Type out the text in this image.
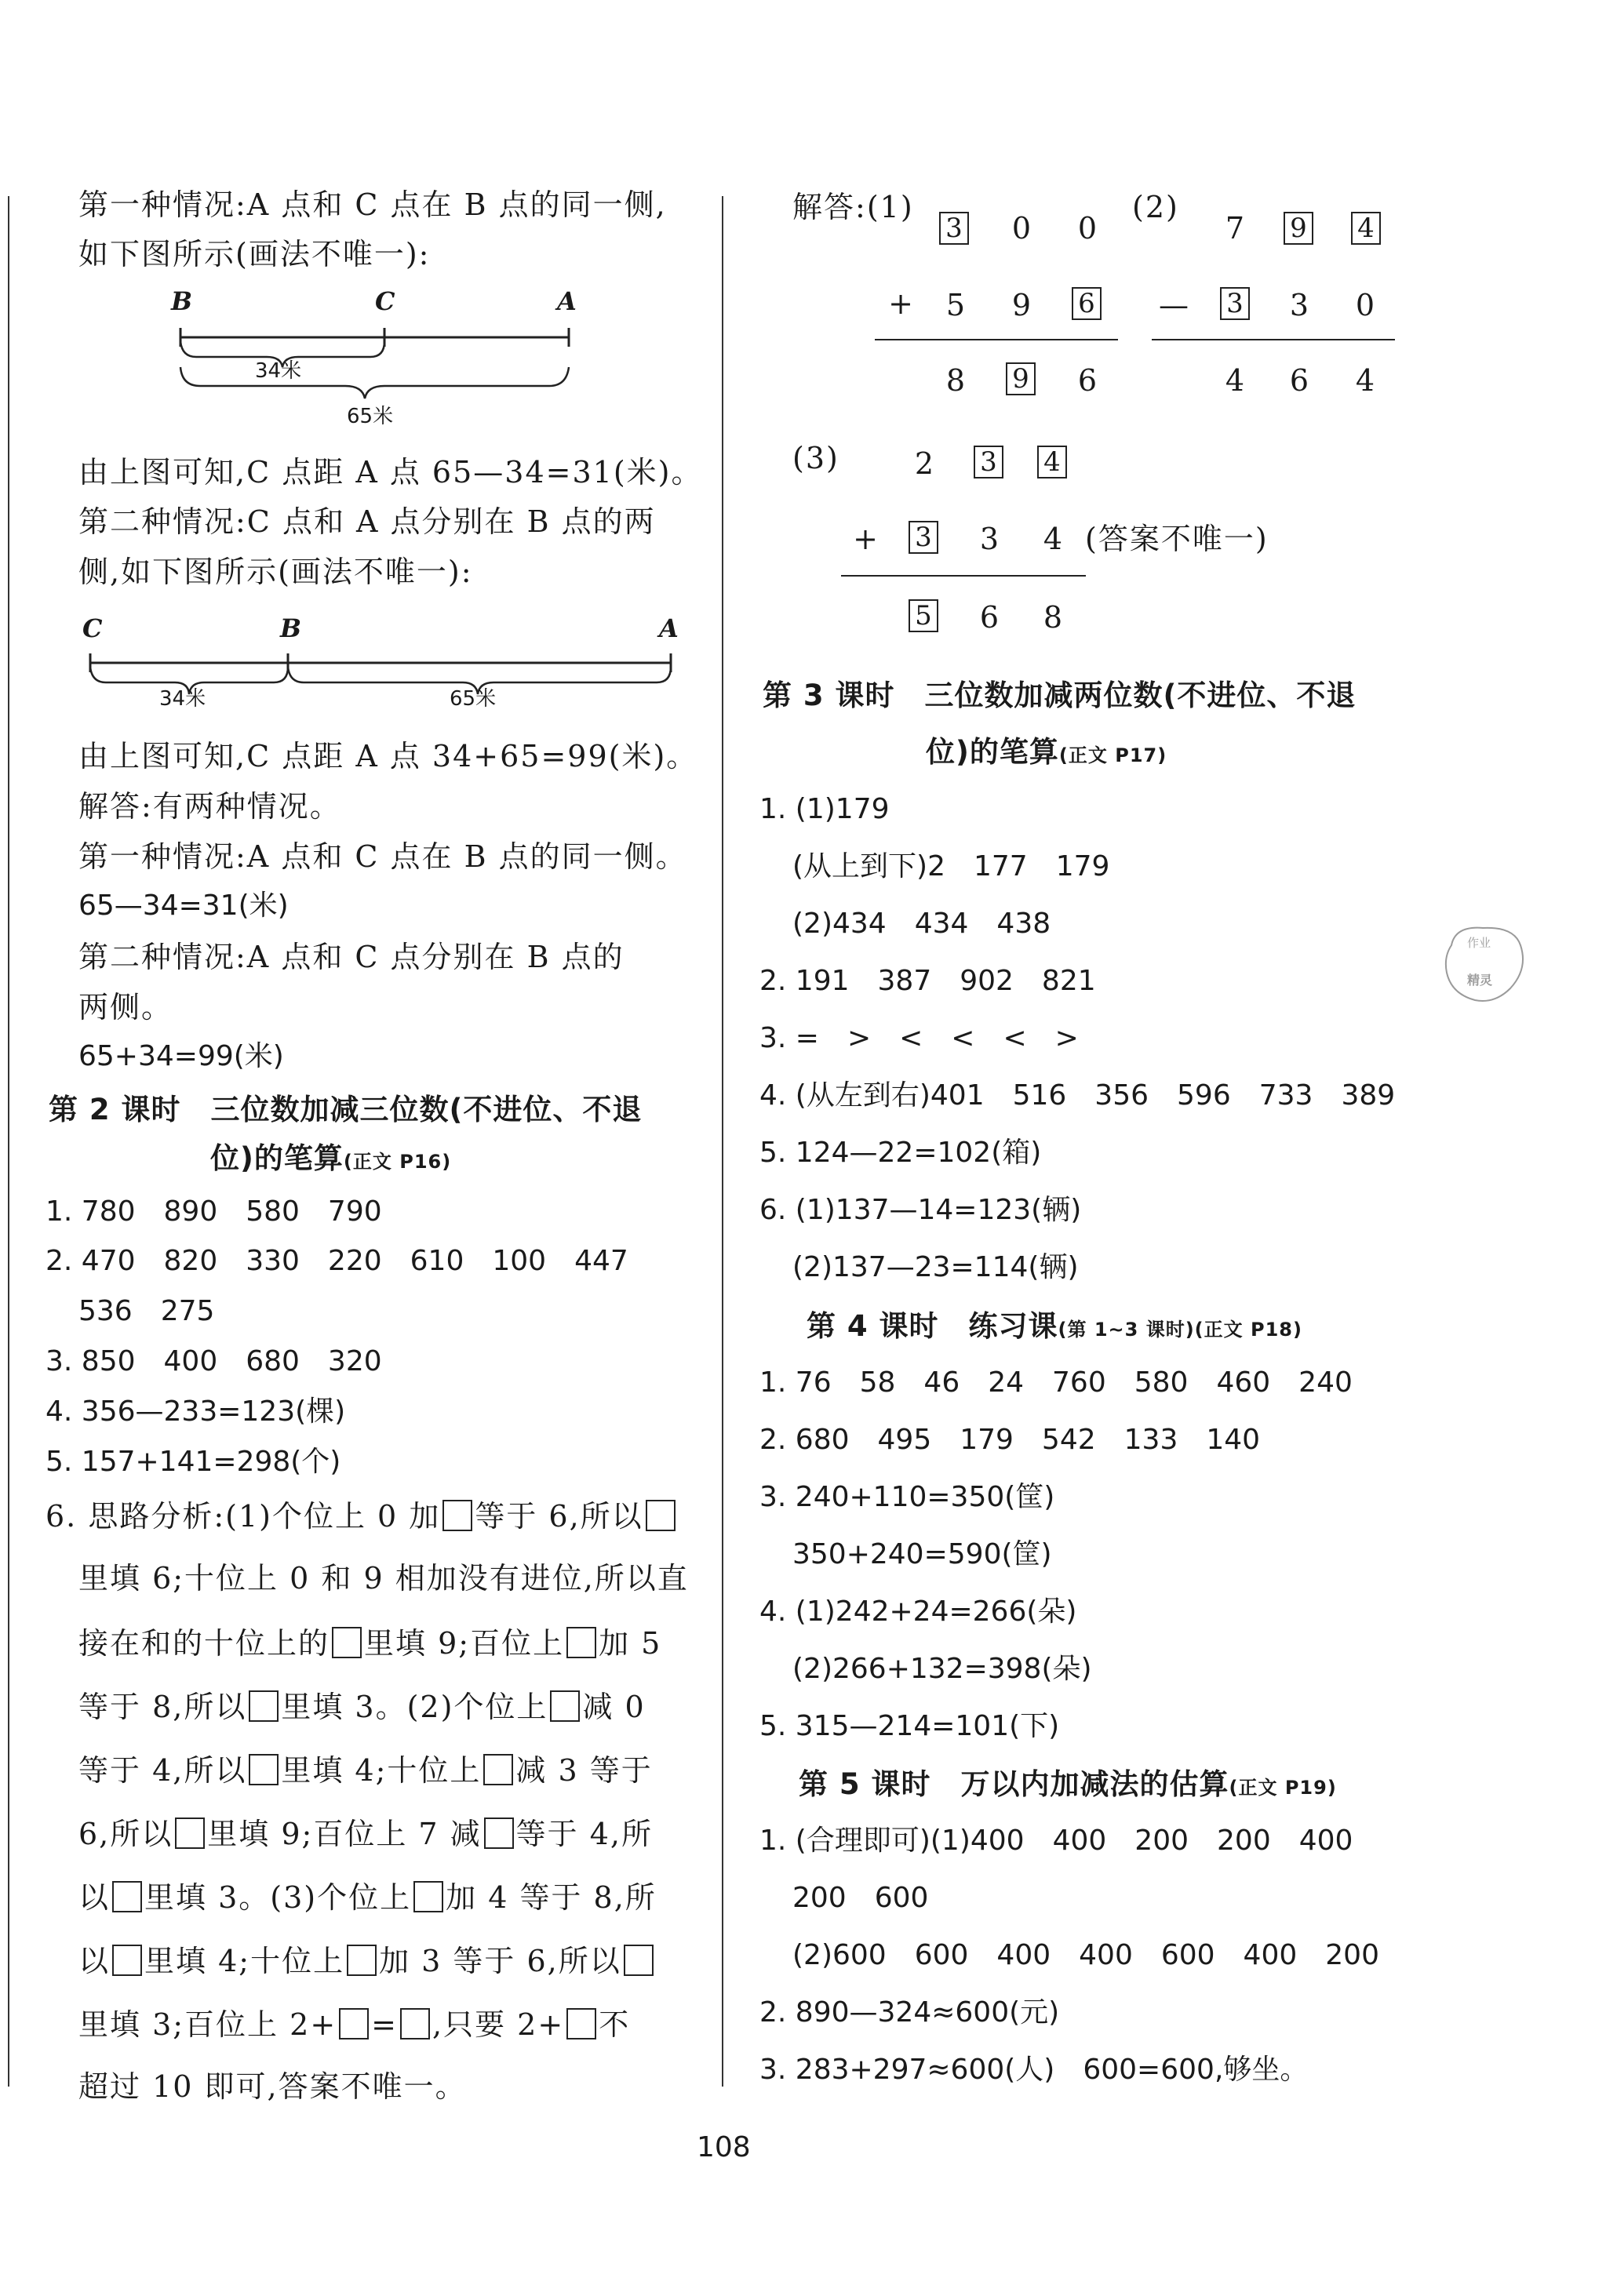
第一种情况:A 点和 C 点在 B 点的同一侧,
如下图所示(画法不唯一):
B	C	A
34米
65米
由上图可知,C 点距 A 点 65—34=31(米)。
第二种情况:C 点和 A 点分别在 B 点的两
侧,如下图所示(画法不唯一):
C	B	A
34米	65米
由上图可知,C 点距 A 点 34+65=99(米)。
解答:有两种情况。
第一种情况:A 点和 C 点在 B 点的同一侧。
65—34=31(米)
第二种情况:A 点和 C 点分别在 B 点的
两侧。
65+34=99(米)
第 2 课时　三位数加减三位数(不进位、不退
位)的笔算(正文 P16)
1. 780　890　580　790
2. 470　820　330　220　610　100　447
536　275
3. 850　400　680　320
4. 356—233=123(棵)
5. 157+141=298(个)
6. 思路分析:(1)个位上 0 加 等于 6,所以
里填 6;十位上 0 和 9 相加没有进位,所以直
接在和的十位上的 里填 9;百位上 加 5
等于 8,所以 里填 3。(2)个位上 减 0
等于 4,所以 里填 4;十位上 减 3 等于
6,所以 里填 9;百位上 7 减 等于 4,所
以 里填 3。(3)个位上 加 4 等于 8,所
以 里填 4;十位上 加 3 等于 6,所以
里填 3;百位上 2+ = ,只要 2+ 不
超过 10 即可,答案不唯一。
解答:(1)
3 0 0
+ 5 9 6
8 9 6
(2)
7 9 4
— 3 3 0
4 6 4
(3)	2 3 4
+ 3 3 4 (答案不唯一)
5 6 8
第 3 课时　三位数加减两位数(不进位、不退
位)的笔算(正文 P17)
1. (1)179
(从上到下)2　177　179
(2)434　434　438
2. 191　387　902　821
3. =　>　<　<　<　>
4. (从左到右)401　516　356　596　733　389
5. 124—22=102(箱)
6. (1)137—14=123(辆)
(2)137—23=114(辆)
第 4 课时　练习课(第 1~3 课时)(正文 P18)
1. 76　58　46　24　760　580　460　240
2. 680　495　179　542　133　140
3. 240+110=350(筐)
350+240=590(筐)
4. (1)242+24=266(朵)
(2)266+132=398(朵)
5. 315—214=101(下)
第 5 课时　万以内加减法的估算(正文 P19)
1. (合理即可)(1)400　400　200　200　400
200　600
(2)600　600　400　400　600　400　200
2. 890—324≈600(元)
3. 283+297≈600(人)　600=600,够坐。
作业
精灵
108
